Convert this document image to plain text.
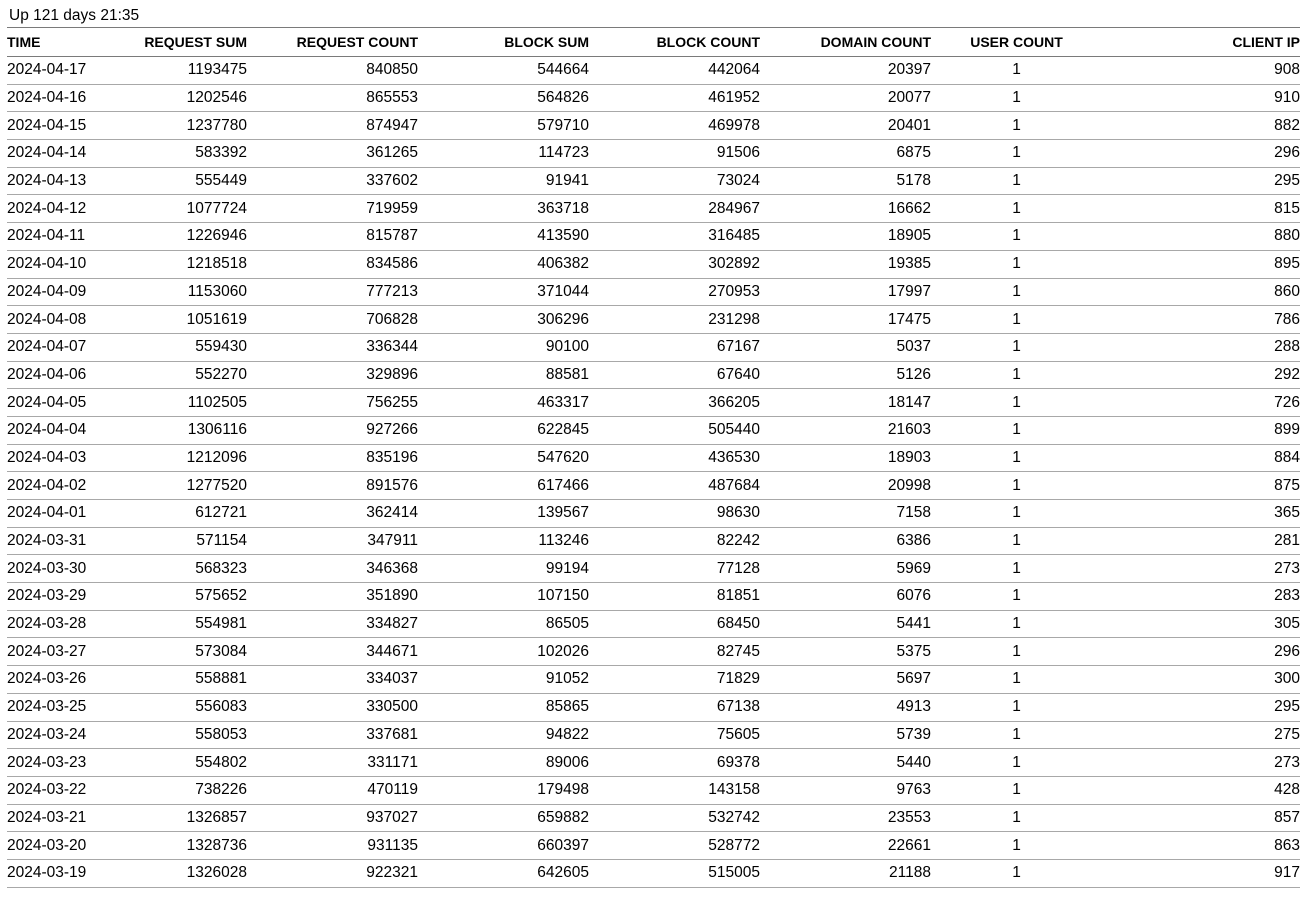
Up 121 days 21:35
TIME	REQUEST SUM	REQUEST COUNT	BLOCK SUM	BLOCK COUNT	DOMAIN COUNT	USER COUNT	CLIENT IP
2024-04-17	1193475	840850	544664	442064	20397	1	908
2024-04-16	1202546	865553	564826	461952	20077	1	910
2024-04-15	1237780	874947	579710	469978	20401	1	882
2024-04-14	583392	361265	114723	91506	6875	1	296
2024-04-13	555449	337602	91941	73024	5178	1	295
2024-04-12	1077724	719959	363718	284967	16662	1	815
2024-04-11	1226946	815787	413590	316485	18905	1	880
2024-04-10	1218518	834586	406382	302892	19385	1	895
2024-04-09	1153060	777213	371044	270953	17997	1	860
2024-04-08	1051619	706828	306296	231298	17475	1	786
2024-04-07	559430	336344	90100	67167	5037	1	288
2024-04-06	552270	329896	88581	67640	5126	1	292
2024-04-05	1102505	756255	463317	366205	18147	1	726
2024-04-04	1306116	927266	622845	505440	21603	1	899
2024-04-03	1212096	835196	547620	436530	18903	1	884
2024-04-02	1277520	891576	617466	487684	20998	1	875
2024-04-01	612721	362414	139567	98630	7158	1	365
2024-03-31	571154	347911	113246	82242	6386	1	281
2024-03-30	568323	346368	99194	77128	5969	1	273
2024-03-29	575652	351890	107150	81851	6076	1	283
2024-03-28	554981	334827	86505	68450	5441	1	305
2024-03-27	573084	344671	102026	82745	5375	1	296
2024-03-26	558881	334037	91052	71829	5697	1	300
2024-03-25	556083	330500	85865	67138	4913	1	295
2024-03-24	558053	337681	94822	75605	5739	1	275
2024-03-23	554802	331171	89006	69378	5440	1	273
2024-03-22	738226	470119	179498	143158	9763	1	428
2024-03-21	1326857	937027	659882	532742	23553	1	857
2024-03-20	1328736	931135	660397	528772	22661	1	863
2024-03-19	1326028	922321	642605	515005	21188	1	917
